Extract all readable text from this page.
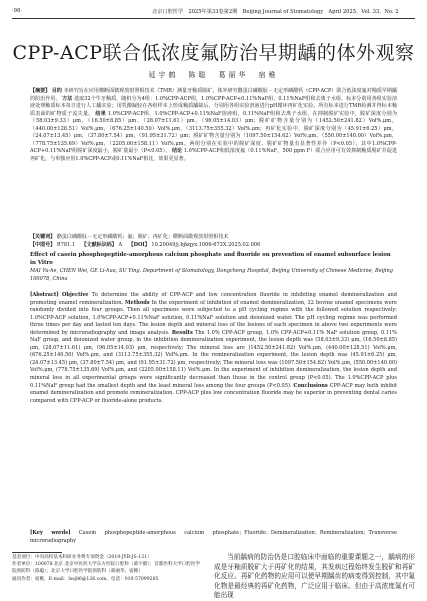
·98·	北京口腔医学　2025年第33卷第2期　Beijing Journal of Stomatology　April 2025，Vol. 33，No. 2
CPP-ACP联合低浓度氟防治早期龋的体外观察
延宇鹤　陈聪　葛丽华　宿稚
【摘要】 目的 本研究旨在应用横断面微观放射照相技术（TMR）测量牙釉质脱矿、体外研究酪蛋白磷酸肽－无定形磷酸钙（CPP-ACP）联合低浓度氟对釉质早期龋的防治作用。 方法 选取32个牛牙釉质，随机分为4组：1.0%CPP-ACP组，1.0%CPP-ACP+0.11%NaF组，0.11%NaF组和去离子水组。标本分别用各组实验溶液处理釉质标本每日进行人工龋实验；用乳酸凝胶在各组样本上形成釉质龋缺后，分别用各组实验溶液进行pH循环再矿化实验。所有标本进行TMR检测并得标本釉质表面的矿物质子流失量。 结果 1.0%CPP-ACP组、1.0%CPP-ACP+0.11%NaF溶液组、0.11%NaF组和去离子水组，在抑制脱矿实验中，脱矿深度分别为（58.03±9.33）μm，（16.50±8.85）μm，（28.07±11.61）μm，（96.05±14.03）μm；脱矿矿物含量分别为（1452.50±241.82）Vol%.μm，（440.00±128.51）Vol%.μm，（676.25±140.50）Vol%.μm，（3113.75±355.32）Vol%.μm；再矿化实验中，脱矿深度分别为（45.91±6.25）μm，（24.07±13.45）μm，（37.80±7.54）μm，（91.95±31.72）μm；脱矿矿物含量分别为（1097.50±154.62）Vol%.μm，（550.00±140.00）Vol%.μm，（778.75±135.69）Vol%.μm，（2205.00±158.11）Vol%.μm。两组分别在实验中的脱矿深度、脱矿矿物量有显著性差异（P<0.05）；其中1.0%CPP-ACP+0.11%NaF组脱矿深度最小，脱矿量最小（P<0.05）。 结论 1.0%CPP-ACP和低浓度氟（0.11%NaF，500 ppm F）联合应用可有效抑制釉质脱矿并促进再矿化，与单独应用1.0%CPP-ACP或0.11%NaF相比，效果更显著。
【关键词】 酪蛋白磷酸肽－无定形磷酸钙；氟；脱矿；再矿化；横断面微观放射照相技术
【中图号】 R781.1 【文献标识码】 A 【DOI】 10.20049/j.bjkqyx.1006-673X.2025.02.006
Effect of casein phosphopeptide-amorphous calcium phosphate and fluoride on prevention of enamel subsurface lesion in Vitro
MAI Yu-he, CHEN Wei, GE Li-hua, SU Ying. Department of Stomatology, Dongcheng Hospital, Beijing University of Chinese Medicine, Beijing 100078, China
[Abstract] Objective To determine the ability of CPP-ACP and low concentration fluoride in inhibiting enamel demineralization and promoting enamel remineralization. Methods In the experiment of inhibition of enamel demineralization, 32 bovine enamel specimens were randomly divided into four groups. Then all specimens were subjected to a pH cycling regime with the followed solution respectively: 1.0%CPP-ACP solution, 1.0%CPP-ACP+0.11%NaF solution, 0.11%NaF solution and deionized water. The pH cycling regime was performed three times per day and lasted ten days. The lesion depth and mineral loss of the lesions of each specimen in above two experiments were determined by microradiography and image analysis. Results The 1.0% CPP-ACP group, 1.0% CPP-ACP+0.11% NaF solution group, 0.11% NaF group, and deionized water group, in the inhibition demineralization experiment, the lesion depth was (58.03±9.33) μm, (16.50±8.85) μm, (28.07±11.61) μm, (96.05±14.03) μm, respectively; The mineral loss are (1452.50±241.82) Vol%.μm, (440.00±128.51) Vol%.μm, (676.25±140.50) Vol%.μm, and (3113.75±355.32) Vol%.μm. In the remineralization experiment, the lesion depth was (45.91±6.25) μm, (24.07±13.45) μm, (37.80±7.54) μm, and (91.95±31.72) μm, respectively; The mineral loss was (1097.50±154.62) Vol%.μm, (550.00±140.00) Vol%.μm, (778.75±135.69) Vol%.μm, and (2205.00±158.11) Vol%.μm. In the experiment of inhibition demineralization, the lesion depth and mineral loss in all experimental groups were significantly decreased than those in the control group (P<0.05). The 1.0%CPP-ACP plus 0.11%NaF group had the smallest depth and the least mineral loss among the four groups (P<0.05). Conclusions CPP-ACP may both inhibit enamel demineralization and promote remineralization. CPP-ACP plus low concentration fluoride may be superior in preventing dental caries compared with CPP-ACP or fluoride-alone products.
[Key words] Casein phosphopeptide-amorphous calcium phosphate；Fluoride；Demineralization；Remineralization；Transverse microradiography
基金项目：中央高校基本科研业务费专项资金（2019-JYB-JS-121）
作者单位：100078 北京 北京中医药大学东方医院口腔科（葛宇鹤）；首都医科大学口腔医学院预防科（陈聪）；北京大学口腔医学院预防科（葛丽华、宿稚）
通讯作者：宿稚，E-mail：lssj86@126.com，电话：010-57099285
当前龋病的防治仍是口腔临床中面临的重要课题之一，龋病的形成是牙釉质脱矿大于再矿化的结果，其发病过程始终发生脱矿和再矿化反应。再矿化药物的应用可以使早期龋齿的病变得到控制，其中氟化物是最经典的再矿化药物，广泛应用于临床。但由于高浓度氟有可能出现
